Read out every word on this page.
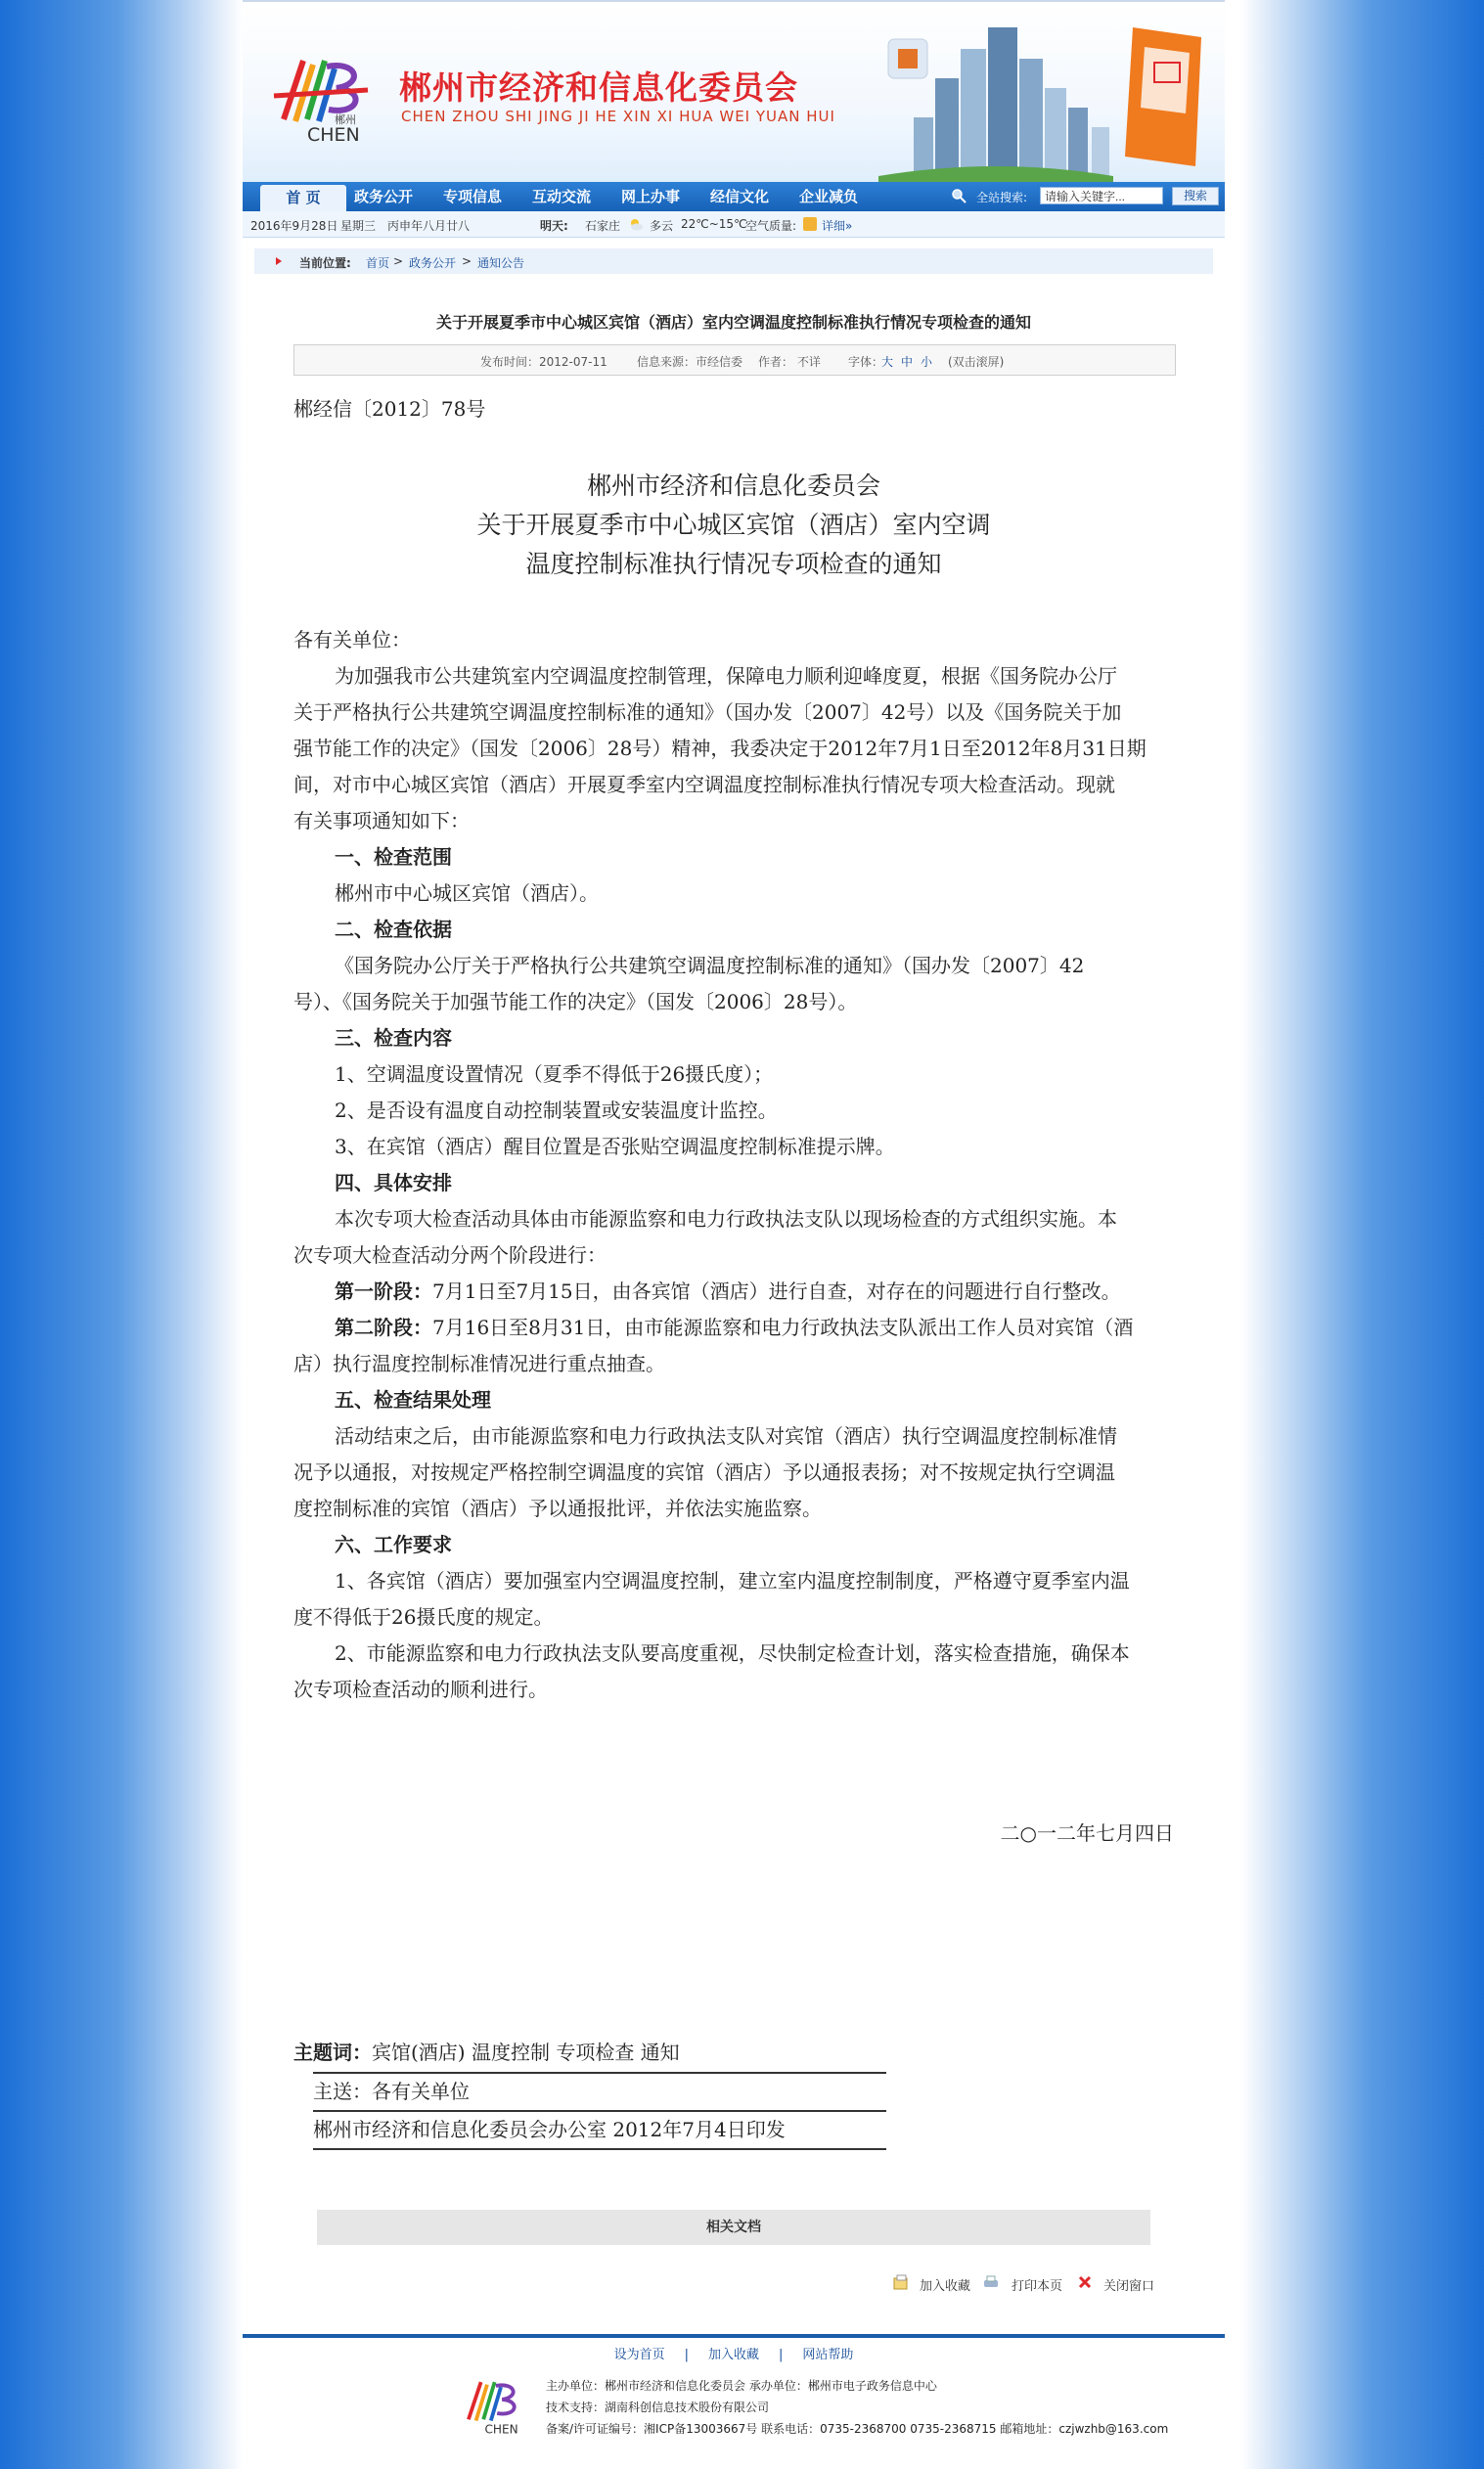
郴州
CHEN
郴州市经济和信息化委员会
CHEN ZHOU SHI JING JI HE XIN XI HUA WEI YUAN HUI
首 页	政务公开 专项信息 互动交流 网上办事 经信文化 企业减负	全站搜索:
请输入关键字...	搜索
2016年9月28日 星期三 丙申年八月廿八	明天: 石家庄 多云 22℃~15℃
空气质量: 详细»
当前位置: 首页 > 政务公开 > 通知公告
关于开展夏季市中心城区宾馆（酒店）室内空调温度控制标准执行情况专项检查的通知
发布时间：2012-07-11	信息来源：市经信委 作者： 不详 字体：
大 中 小 (双击滚屏)
郴经信〔2012〕78号
郴州市经济和信息化委员会
关于开展夏季市中心城区宾馆（酒店）室内空调
温度控制标准执行情况专项检查的通知
各有关单位：
为加强我市公共建筑室内空调温度控制管理，保障电力顺利迎峰度夏，根据《国务院办公厅
关于严格执行公共建筑空调温度控制标准的通知》（国办发〔2007〕42号）以及《国务院关于加
强节能工作的决定》（国发〔2006〕28号）精神，我委决定于2012年7月1日至2012年8月31日期
间，对市中心城区宾馆（酒店）开展夏季室内空调温度控制标准执行情况专项大检查活动。现就
有关事项通知如下：
一、检查范围
郴州市中心城区宾馆（酒店）。
二、检查依据
《国务院办公厅关于严格执行公共建筑空调温度控制标准的通知》（国办发〔2007〕42
号）、《国务院关于加强节能工作的决定》（国发〔2006〕28号）。
三、检查内容
1、空调温度设置情况（夏季不得低于26摄氏度）；
2、是否设有温度自动控制装置或安装温度计监控。
3、在宾馆（酒店）醒目位置是否张贴空调温度控制标准提示牌。
四、具体安排
本次专项大检查活动具体由市能源监察和电力行政执法支队以现场检查的方式组织实施。本
次专项大检查活动分两个阶段进行：
第一阶段：7月1日至7月15日，由各宾馆（酒店）进行自查，对存在的问题进行自行整改。
第二阶段：7月16日至8月31日，由市能源监察和电力行政执法支队派出工作人员对宾馆（酒
店）执行温度控制标准情况进行重点抽查。
五、检查结果处理
活动结束之后，由市能源监察和电力行政执法支队对宾馆（酒店）执行空调温度控制标准情
况予以通报，对按规定严格控制空调温度的宾馆（酒店）予以通报表扬；对不按规定执行空调温
度控制标准的宾馆（酒店）予以通报批评，并依法实施监察。
六、工作要求
1、各宾馆（酒店）要加强室内空调温度控制，建立室内温度控制制度，严格遵守夏季室内温
度不得低于26摄氏度的规定。
2、市能源监察和电力行政执法支队要高度重视，尽快制定检查计划，落实检查措施，确保本
次专项检查活动的顺利进行。
二○一二年七月四日
主题词：宾馆(酒店) 温度控制 专项检查 通知
主送：各有关单位
郴州市经济和信息化委员会办公室 2012年7月4日印发
相关文档
加入收藏	打印本页	关闭窗口
设为首页 | 加入收藏 | 网站帮助
CHEN
主办单位：郴州市经济和信息化委员会 承办单位：郴州市电子政务信息中心
技术支持：湖南科创信息技术股份有限公司
备案/许可证编号：湘ICP备13003667号 联系电话：0735-2368700 0735-2368715 邮箱地址：czjwzhb@163.com
